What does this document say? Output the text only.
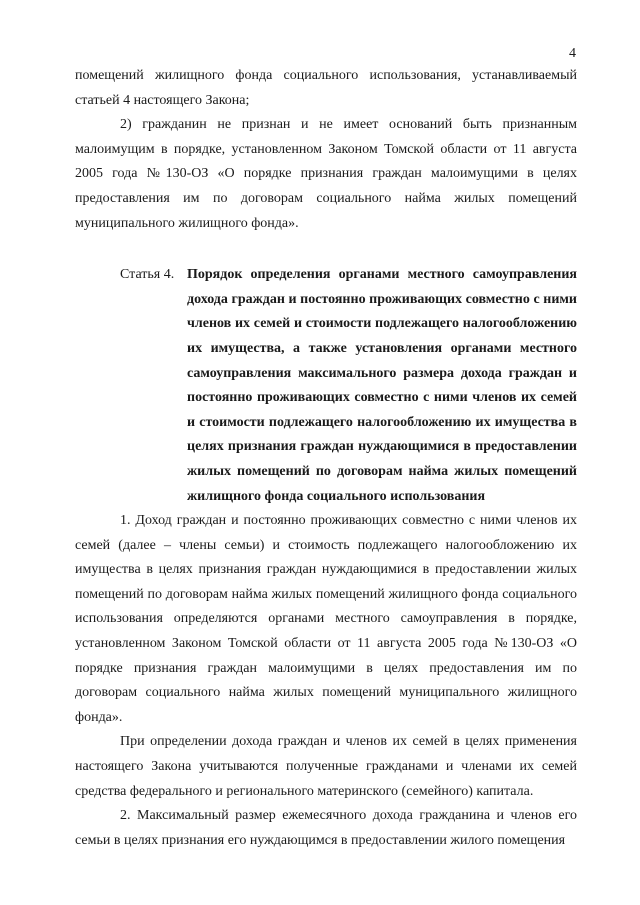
4

помещений жилищного фонда социального использования, устанавливаемый статьей 4 настоящего Закона;

2) гражданин не признан и не имеет оснований быть признанным малоимущим в порядке, установленном Законом Томской области от 11 августа 2005 года №130-ОЗ «О порядке признания граждан малоимущими в целях предоставления им по договорам социального найма жилых помещений муниципального жилищного фонда».

Статья 4. Порядок определения органами местного самоуправления дохода граждан и постоянно проживающих совместно с ними членов их семей и стоимости подлежащего налогообложению их имущества, а также установления органами местного самоуправления максимального размера дохода граждан и постоянно проживающих совместно с ними членов их семей и стоимости подлежащего налогообложению их имущества в целях признания граждан нуждающимися в предоставлении жилых помещений по договорам найма жилых помещений жилищного фонда социального использования

1. Доход граждан и постоянно проживающих совместно с ними членов их семей (далее – члены семьи) и стоимость подлежащего налогообложению их имущества в целях признания граждан нуждающимися в предоставлении жилых помещений по договорам найма жилых помещений жилищного фонда социального использования определяются органами местного самоуправления в порядке, установленном Законом Томской области от 11 августа 2005 года №130-ОЗ «О порядке признания граждан малоимущими в целях предоставления им по договорам социального найма жилых помещений муниципального жилищного фонда».

При определении дохода граждан и членов их семей в целях применения настоящего Закона учитываются полученные гражданами и членами их семей средства федерального и регионального материнского (семейного) капитала.

2. Максимальный размер ежемесячного дохода гражданина и членов его семьи в целях признания его нуждающимся в предоставлении жилого помещения
